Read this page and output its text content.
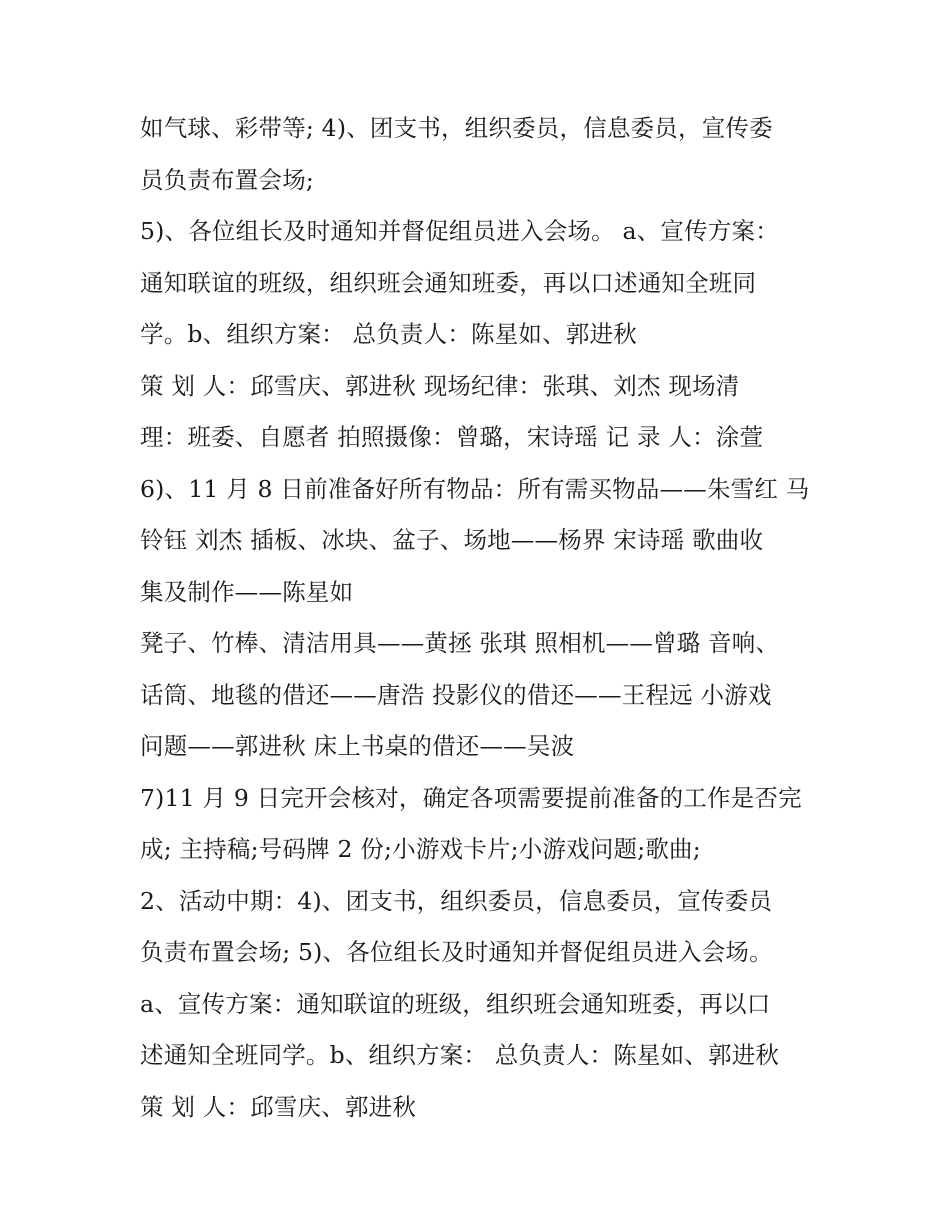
如气球、彩带等; 4)、团支书，组织委员，信息委员，宣传委
员负责布置会场;
5)、各位组长及时通知并督促组员进入会场。 a、宣传方案：
通知联谊的班级，组织班会通知班委，再以口述通知全班同
学。b、组织方案： 总负责人：陈星如、郭进秋
策 划 人：邱雪庆、郭进秋 现场纪律：张琪、刘杰 现场清
理：班委、自愿者 拍照摄像：曾璐，宋诗瑶 记 录 人：涂萱
6)、11 月 8 日前准备好所有物品：所有需买物品——朱雪红 马
铃钰 刘杰 插板、冰块、盆子、场地——杨界 宋诗瑶 歌曲收
集及制作——陈星如
凳子、竹棒、清洁用具——黄拯 张琪 照相机——曾璐 音响、
话筒、地毯的借还——唐浩 投影仪的借还——王程远 小游戏
问题——郭进秋 床上书桌的借还——吴波
7)11 月 9 日完开会核对，确定各项需要提前准备的工作是否完
成; 主持稿;号码牌 2 份;小游戏卡片;小游戏问题;歌曲;
2、活动中期：4)、团支书，组织委员，信息委员，宣传委员
负责布置会场; 5)、各位组长及时通知并督促组员进入会场。
a、宣传方案：通知联谊的班级，组织班会通知班委，再以口
述通知全班同学。b、组织方案： 总负责人：陈星如、郭进秋
策 划 人：邱雪庆、郭进秋
